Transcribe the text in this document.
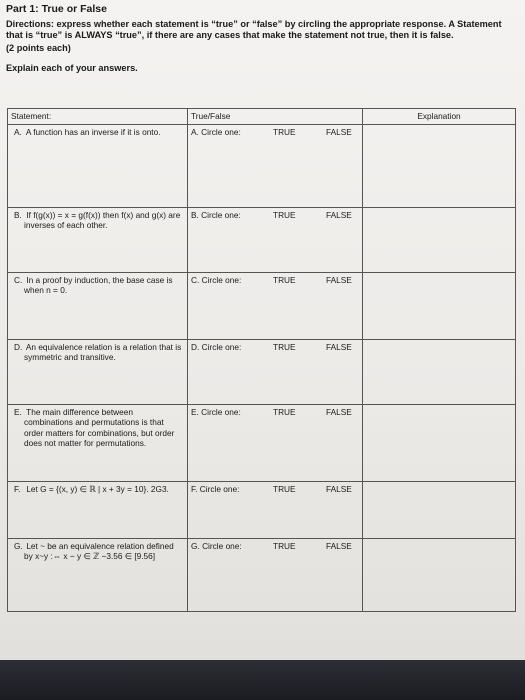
Part 1: True or False
Directions: express whether each statement is “true” or “false” by circling the appropriate response. A Statement that is “true” is ALWAYS “true”, if there are any cases that make the statement not true, then it is false.
(2 points each)
Explain each of your answers.
Statement:	True/False	Explanation
A. A function has an inverse if it is onto.	A. Circle one: TRUE FALSE	

B. If f(g(x)) = x = g(f(x)) then f(x) and g(x) are inverses of each other.	B. Circle one: TRUE FALSE	

C. In a proof by induction, the base case is when n = 0.	C. Circle one: TRUE FALSE	

D. An equivalence relation is a relation that is symmetric and transitive.	D. Circle one: TRUE FALSE	

E. The main difference between combinations and permutations is that order matters for combinations, but order does not matter for permutations.	E. Circle one: TRUE FALSE	

F. Let G = {(x, y) ∈ ℝ | x + 3y = 10}. 2G3.	F. Circle one: TRUE FALSE	

G. Let ~ be an equivalence relation defined by x~y :⇔ x − y ∈ ℤ −3.56 ∈ [9.56]	G. Circle one: TRUE FALSE	
